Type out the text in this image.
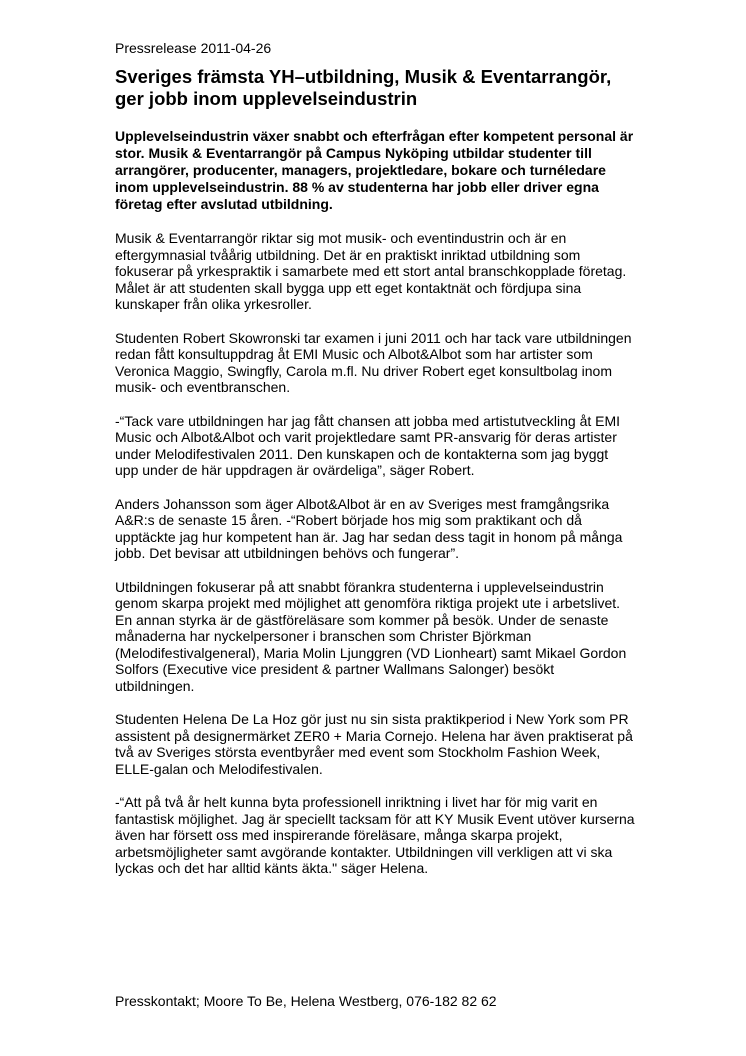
Pressrelease 2011-04-26
Sveriges främsta YH–utbildning, Musik & Eventarrangör, ger jobb inom upplevelseindustrin
Upplevelseindustrin växer snabbt och efterfrågan efter kompetent personal är stor. Musik & Eventarrangör på Campus Nyköping utbildar studenter till arrangörer, producenter, managers, projektledare, bokare och turnéledare inom upplevelseindustrin. 88 % av studenterna har jobb eller driver egna företag efter avslutad utbildning.
Musik & Eventarrangör riktar sig mot musik- och eventindustrin och är en eftergymnasial tvåårig utbildning. Det är en praktiskt inriktad utbildning som fokuserar på yrkespraktik i samarbete med ett stort antal branschkopplade företag. Målet är att studenten skall bygga upp ett eget kontaktnät och fördjupa sina kunskaper från olika yrkesroller.
Studenten Robert Skowronski tar examen i juni 2011 och har tack vare utbildningen redan fått konsultuppdrag åt EMI Music och Albot&Albot som har artister som Veronica Maggio, Swingfly, Carola m.fl. Nu driver Robert eget konsultbolag inom musik- och eventbranschen.
-“Tack vare utbildningen har jag fått chansen att jobba med artistutveckling åt EMI Music och Albot&Albot och varit projektledare samt PR-ansvarig för deras artister under Melodifestivalen 2011. Den kunskapen och de kontakterna som jag byggt upp under de här uppdragen är ovärdeliga”, säger Robert.
Anders Johansson som äger Albot&Albot är en av Sveriges mest framgångsrika A&R:s de senaste 15 åren. -“Robert började hos mig som praktikant och då upptäckte jag hur kompetent han är. Jag har sedan dess tagit in honom på många jobb. Det bevisar att utbildningen behövs och fungerar”.
Utbildningen fokuserar på att snabbt förankra studenterna i upplevelseindustrin genom skarpa projekt med möjlighet att genomföra riktiga projekt ute i arbetslivet. En annan styrka är de gästföreläsare som kommer på besök. Under de senaste månaderna har nyckelpersoner i branschen som Christer Björkman (Melodifestivalgeneral), Maria Molin Ljunggren (VD Lionheart) samt Mikael Gordon Solfors (Executive vice president & partner Wallmans Salonger) besökt utbildningen.
Studenten Helena De La Hoz gör just nu sin sista praktikperiod i New York som PR assistent på designermärket ZER0 + Maria Cornejo. Helena har även praktiserat på två av Sveriges största eventbyråer med event som Stockholm Fashion Week, ELLE-galan och Melodifestivalen.
-“Att på två år helt kunna byta professionell inriktning i livet har för mig varit en fantastisk möjlighet. Jag är speciellt tacksam för att KY Musik Event utöver kurserna även har försett oss med inspirerande föreläsare, många skarpa projekt, arbetsmöjligheter samt avgörande kontakter. Utbildningen vill verkligen att vi ska lyckas och det har alltid känts äkta." säger Helena.
Presskontakt; Moore To Be, Helena Westberg, 076-182 82 62
